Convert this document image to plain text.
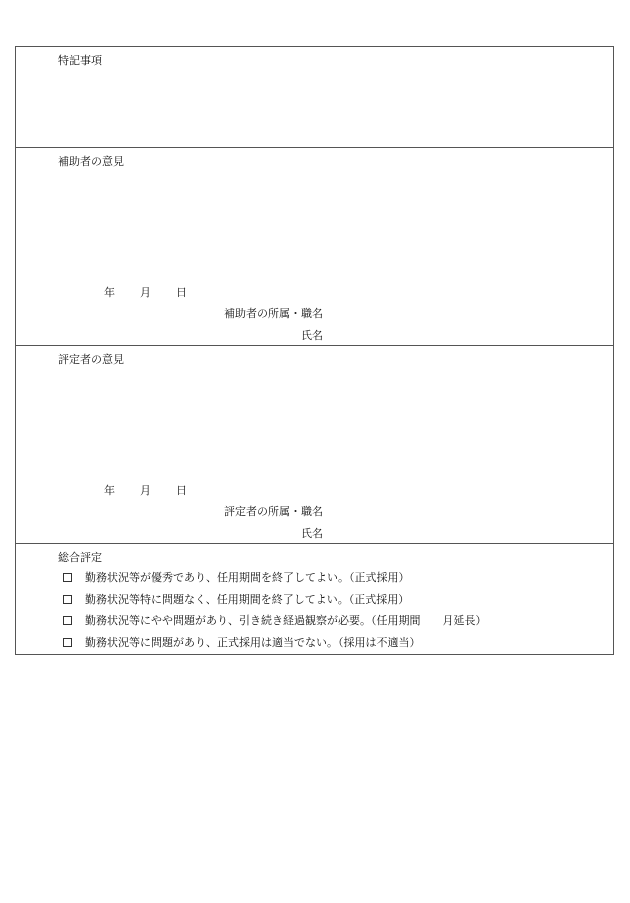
特記事項
補助者の意見
年 月 日
補助者の所属・職名
氏名
評定者の意見
年 月 日
評定者の所属・職名
氏名
総合評定
勤務状況等が優秀であり、任用期間を終了してよい。（正式採用）
勤務状況等特に問題なく、任用期間を終了してよい。（正式採用）
勤務状況等にやや問題があり、引き続き経過観察が必要。（任用期間　　月延長）
勤務状況等に問題があり、正式採用は適当でない。（採用は不適当）
